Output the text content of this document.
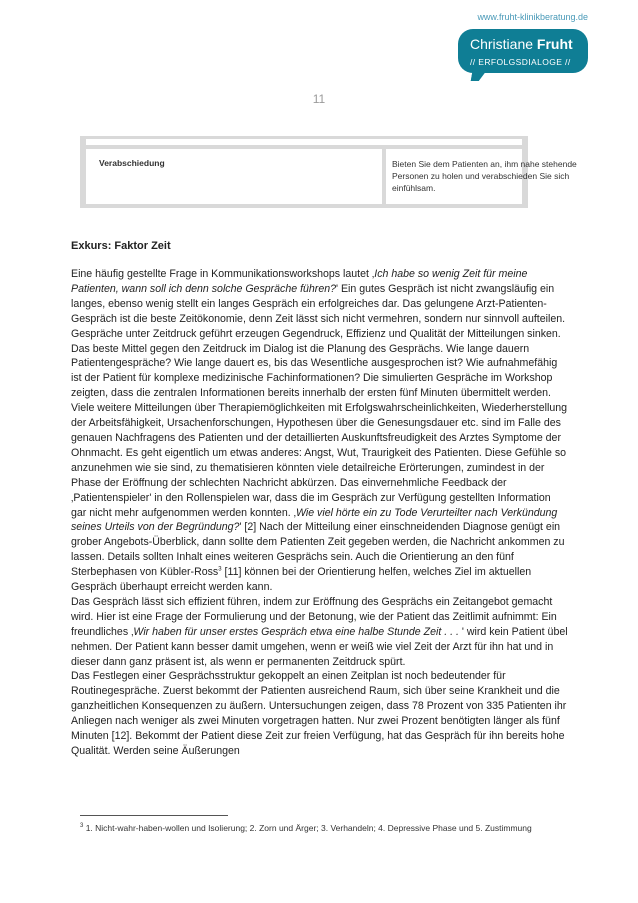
www.fruht-klinikberatung.de
Christiane Fruht
// ERFOLGSDIALOGE //
11
Verabschiedung	Bieten Sie dem Patienten an, ihm nahe stehende Personen zu holen und verabschieden Sie sich einfühlsam.
Exkurs: Faktor Zeit

Eine häufig gestellte Frage in Kommunikationsworkshops lautet ‚Ich habe so wenig Zeit für meine Patienten, wann soll ich denn solche Gespräche führen?' Ein gutes Gespräch ist nicht zwangsläufig ein langes, ebenso wenig stellt ein langes Gespräch ein erfolgreiches dar. Das gelungene Arzt-Patienten-Gespräch ist die beste Zeitökonomie, denn Zeit lässt sich nicht vermehren, sondern nur sinnvoll aufteilen. Gespräche unter Zeitdruck geführt erzeugen Gegendruck, Effizienz und Qualität der Mitteilungen sinken. Das beste Mittel gegen den Zeitdruck im Dialog ist die Planung des Gesprächs. Wie lange dauern Patientengespräche? Wie lange dauert es, bis das Wesentliche ausgesprochen ist? Wie aufnahmefähig ist der Patient für komplexe medizinische Fachinformationen? Die simulierten Gespräche im Workshop zeigten, dass die zentralen Informationen bereits innerhalb der ersten fünf Minuten übermittelt werden. Viele weitere Mitteilungen über Therapiemöglichkeiten mit Erfolgswahrscheinlichkeiten, Wiederherstellung der Arbeitsfähigkeit, Ursachenforschungen, Hypothesen über die Genesungsdauer etc. sind im Falle des genauen Nachfragens des Patienten und der detaillierten Auskunftsfreudigkeit des Arztes Symptome der Ohnmacht. Es geht eigentlich um etwas anderes: Angst, Wut, Traurigkeit des Patienten. Diese Gefühle so anzunehmen wie sie sind, zu thematisieren könnten viele detailreiche Erörterungen, zumindest in der Phase der Eröffnung der schlechten Nachricht abkürzen. Das einvernehmliche Feedback der ‚Patientenspieler' in den Rollenspielen war, dass die im Gespräch zur Verfügung gestellten Information gar nicht mehr aufgenommen werden konnten. ‚Wie viel hörte ein zu Tode Verurteilter nach Verkündung seines Urteils von der Begründung?' [2] Nach der Mitteilung einer einschneidenden Diagnose genügt ein grober Angebots-Überblick, dann sollte dem Patienten Zeit gegeben werden, die Nachricht ankommen zu lassen. Details sollten Inhalt eines weiteren Gesprächs sein. Auch die Orientierung an den fünf Sterbephasen von Kübler-Ross$^3$ [11] können bei der Orientierung helfen, welches Ziel im aktuellen Gespräch überhaupt erreicht werden kann.

Das Gespräch lässt sich effizient führen, indem zur Eröffnung des Gesprächs ein Zeitangebot gemacht wird. Hier ist eine Frage der Formulierung und der Betonung, wie der Patient das Zeitlimit aufnimmt: Ein freundliches ‚Wir haben für unser erstes Gespräch etwa eine halbe Stunde Zeit . . . ' wird kein Patient übel nehmen. Der Patient kann besser damit umgehen, wenn er weiß wie viel Zeit der Arzt für ihn hat und in dieser dann ganz präsent ist, als wenn er permanenten Zeitdruck spürt.

Das Festlegen einer Gesprächsstruktur gekoppelt an einen Zeitplan ist noch bedeutender für Routinegespräche. Zuerst bekommt der Patienten ausreichend Raum, sich über seine Krankheit und die ganzheitlichen Konsequenzen zu äußern. Untersuchungen zeigen, dass 78 Prozent von 335 Patienten ihr Anliegen nach weniger als zwei Minuten vorgetragen hatten. Nur zwei Prozent benötigten länger als fünf Minuten [12]. Bekommt der Patient diese Zeit zur freien Verfügung, hat das Gespräch für ihn bereits hohe Qualität. Werden seine Äußerungen

$^3$ 1. Nicht-wahr-haben-wollen und Isolierung; 2. Zorn und Ärger; 3. Verhandeln; 4. Depressive Phase und 5. Zustimmung
